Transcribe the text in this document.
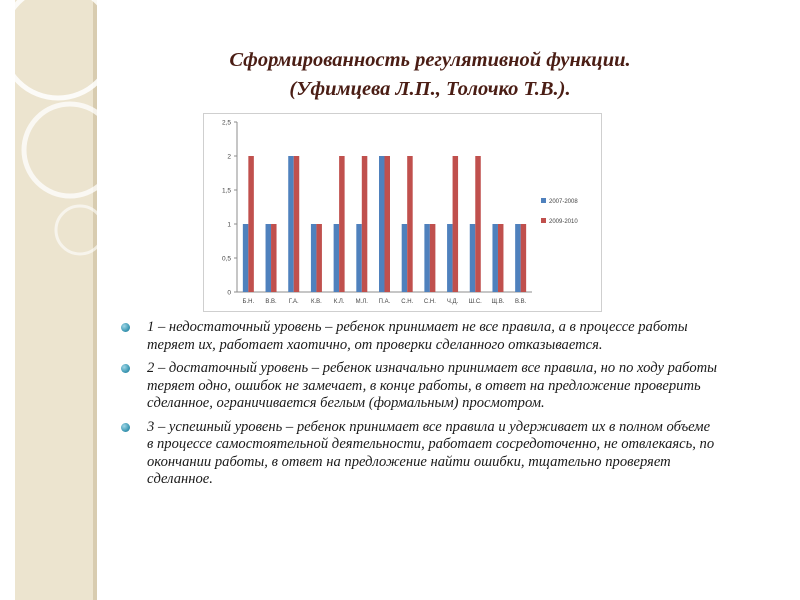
Сформированность регулятивной функции.
(Уфимцева Л.П., Толочко Т.В.).
0
0,5
1
1,5
2
2,5
Б.Н. В.В. Г.А. К.В. К.Л. М.Л. П.А. С.Н. С.Н. Ч.Д. Ш.С. Щ.В. В.В.
2007-2008
2009-2010
1 – недостаточный уровень – ребенок принимает не все правила, а в процессе работы теряет их, работает хаотично, от проверки сделанного отказывается.
2 – достаточный уровень – ребенок изначально принимает все правила, но по ходу работы теряет одно, ошибок не замечает, в конце работы, в ответ на предложение проверить сделанное, ограничивается беглым (формальным) просмотром.
3 – успешный уровень – ребенок принимает все правила и удерживает их в полном объеме в процессе самостоятельной деятельности, работает сосредоточенно, не отвлекаясь, по окончании работы, в ответ на предложение найти ошибки, тщательно проверяет сделанное.
